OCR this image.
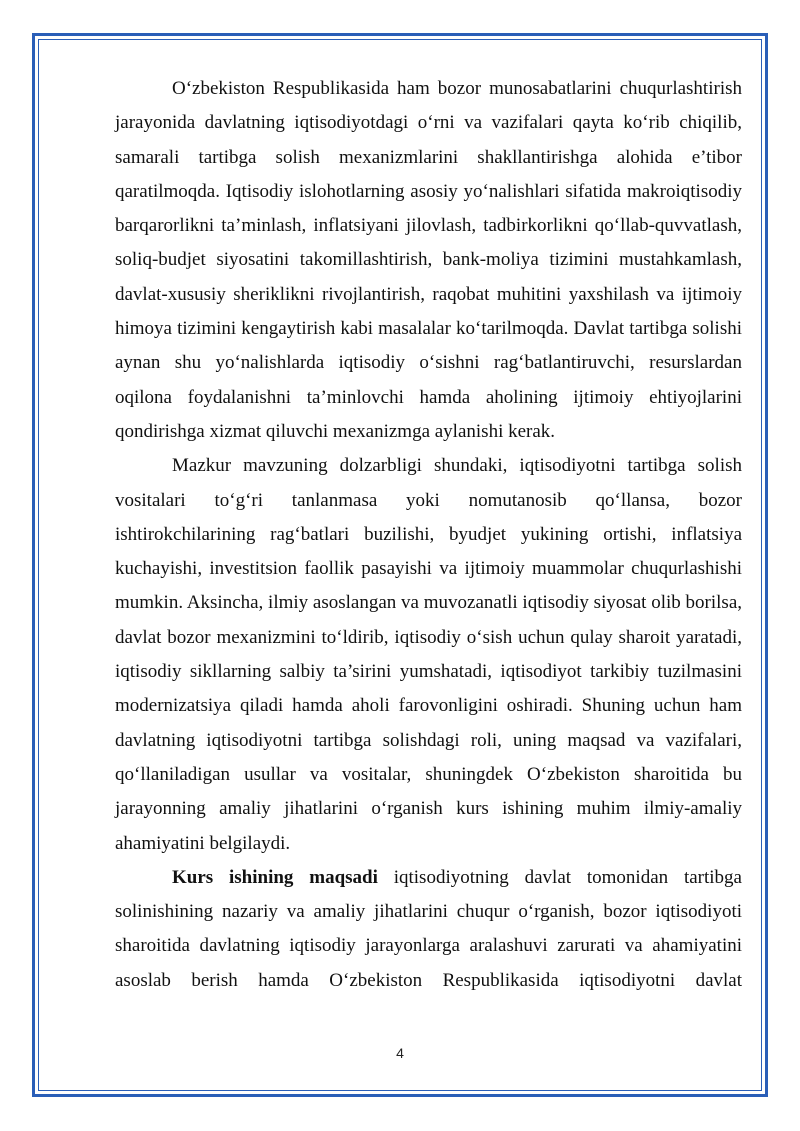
O‘zbekiston Respublikasida ham bozor munosabatlarini chuqurlashtirish jarayonida davlatning iqtisodiyotdagi o‘rni va vazifalari qayta ko‘rib chiqilib, samarali tartibga solish mexanizmlarini shakllantirishga alohida e’tibor qaratilmoqda. Iqtisodiy islohotlarning asosiy yo‘nalishlari sifatida makroiqtisodiy barqarorlikni ta’minlash, inflatsiyani jilovlash, tadbirkorlikni qo‘llab-quvvatlash, soliq-budjet siyosatini takomillashtirish, bank-moliya tizimini mustahkamlash, davlat-xususiy sheriklikni rivojlantirish, raqobat muhitini yaxshilash va ijtimoiy himoya tizimini kengaytirish kabi masalalar ko‘tarilmoqda. Davlat tartibga solishi aynan shu yo‘nalishlarda iqtisodiy o‘sishni rag‘batlantiruvchi, resurslardan oqilona foydalanishni ta’minlovchi hamda aholining ijtimoiy ehtiyojlarini qondirishga xizmat qiluvchi mexanizmga aylanishi kerak.

Mazkur mavzuning dolzarbligi shundaki, iqtisodiyotni tartibga solish vositalari to‘g‘ri tanlanmasa yoki nomutanosib qo‘llansa, bozor ishtirokchilarining rag‘batlari buzilishi, byudjet yukining ortishi, inflatsiya kuchayishi, investitsion faollik pasayishi va ijtimoiy muammolar chuqurlashishi mumkin. Aksincha, ilmiy asoslangan va muvozanatli iqtisodiy siyosat olib borilsa, davlat bozor mexanizmini to‘ldirib, iqtisodiy o‘sish uchun qulay sharoit yaratadi, iqtisodiy sikllarning salbiy ta’sirini yumshatadi, iqtisodiyot tarkibiy tuzilmasini modernizatsiya qiladi hamda aholi farovonligini oshiradi. Shuning uchun ham davlatning iqtisodiyotni tartibga solishdagi roli, uning maqsad va vazifalari, qo‘llaniladigan usullar va vositalar, shuningdek O‘zbekiston sharoitida bu jarayonning amaliy jihatlarini o‘rganish kurs ishining muhim ilmiy-amaliy ahamiyatini belgilaydi.

Kurs ishining maqsadi iqtisodiyotning davlat tomonidan tartibga solinishining nazariy va amaliy jihatlarini chuqur o‘rganish, bozor iqtisodiyoti sharoitida davlatning iqtisodiy jarayonlarga aralashuvi zarurati va ahamiyatini asoslab berish hamda O‘zbekiston Respublikasida iqtisodiyotni davlat

4
